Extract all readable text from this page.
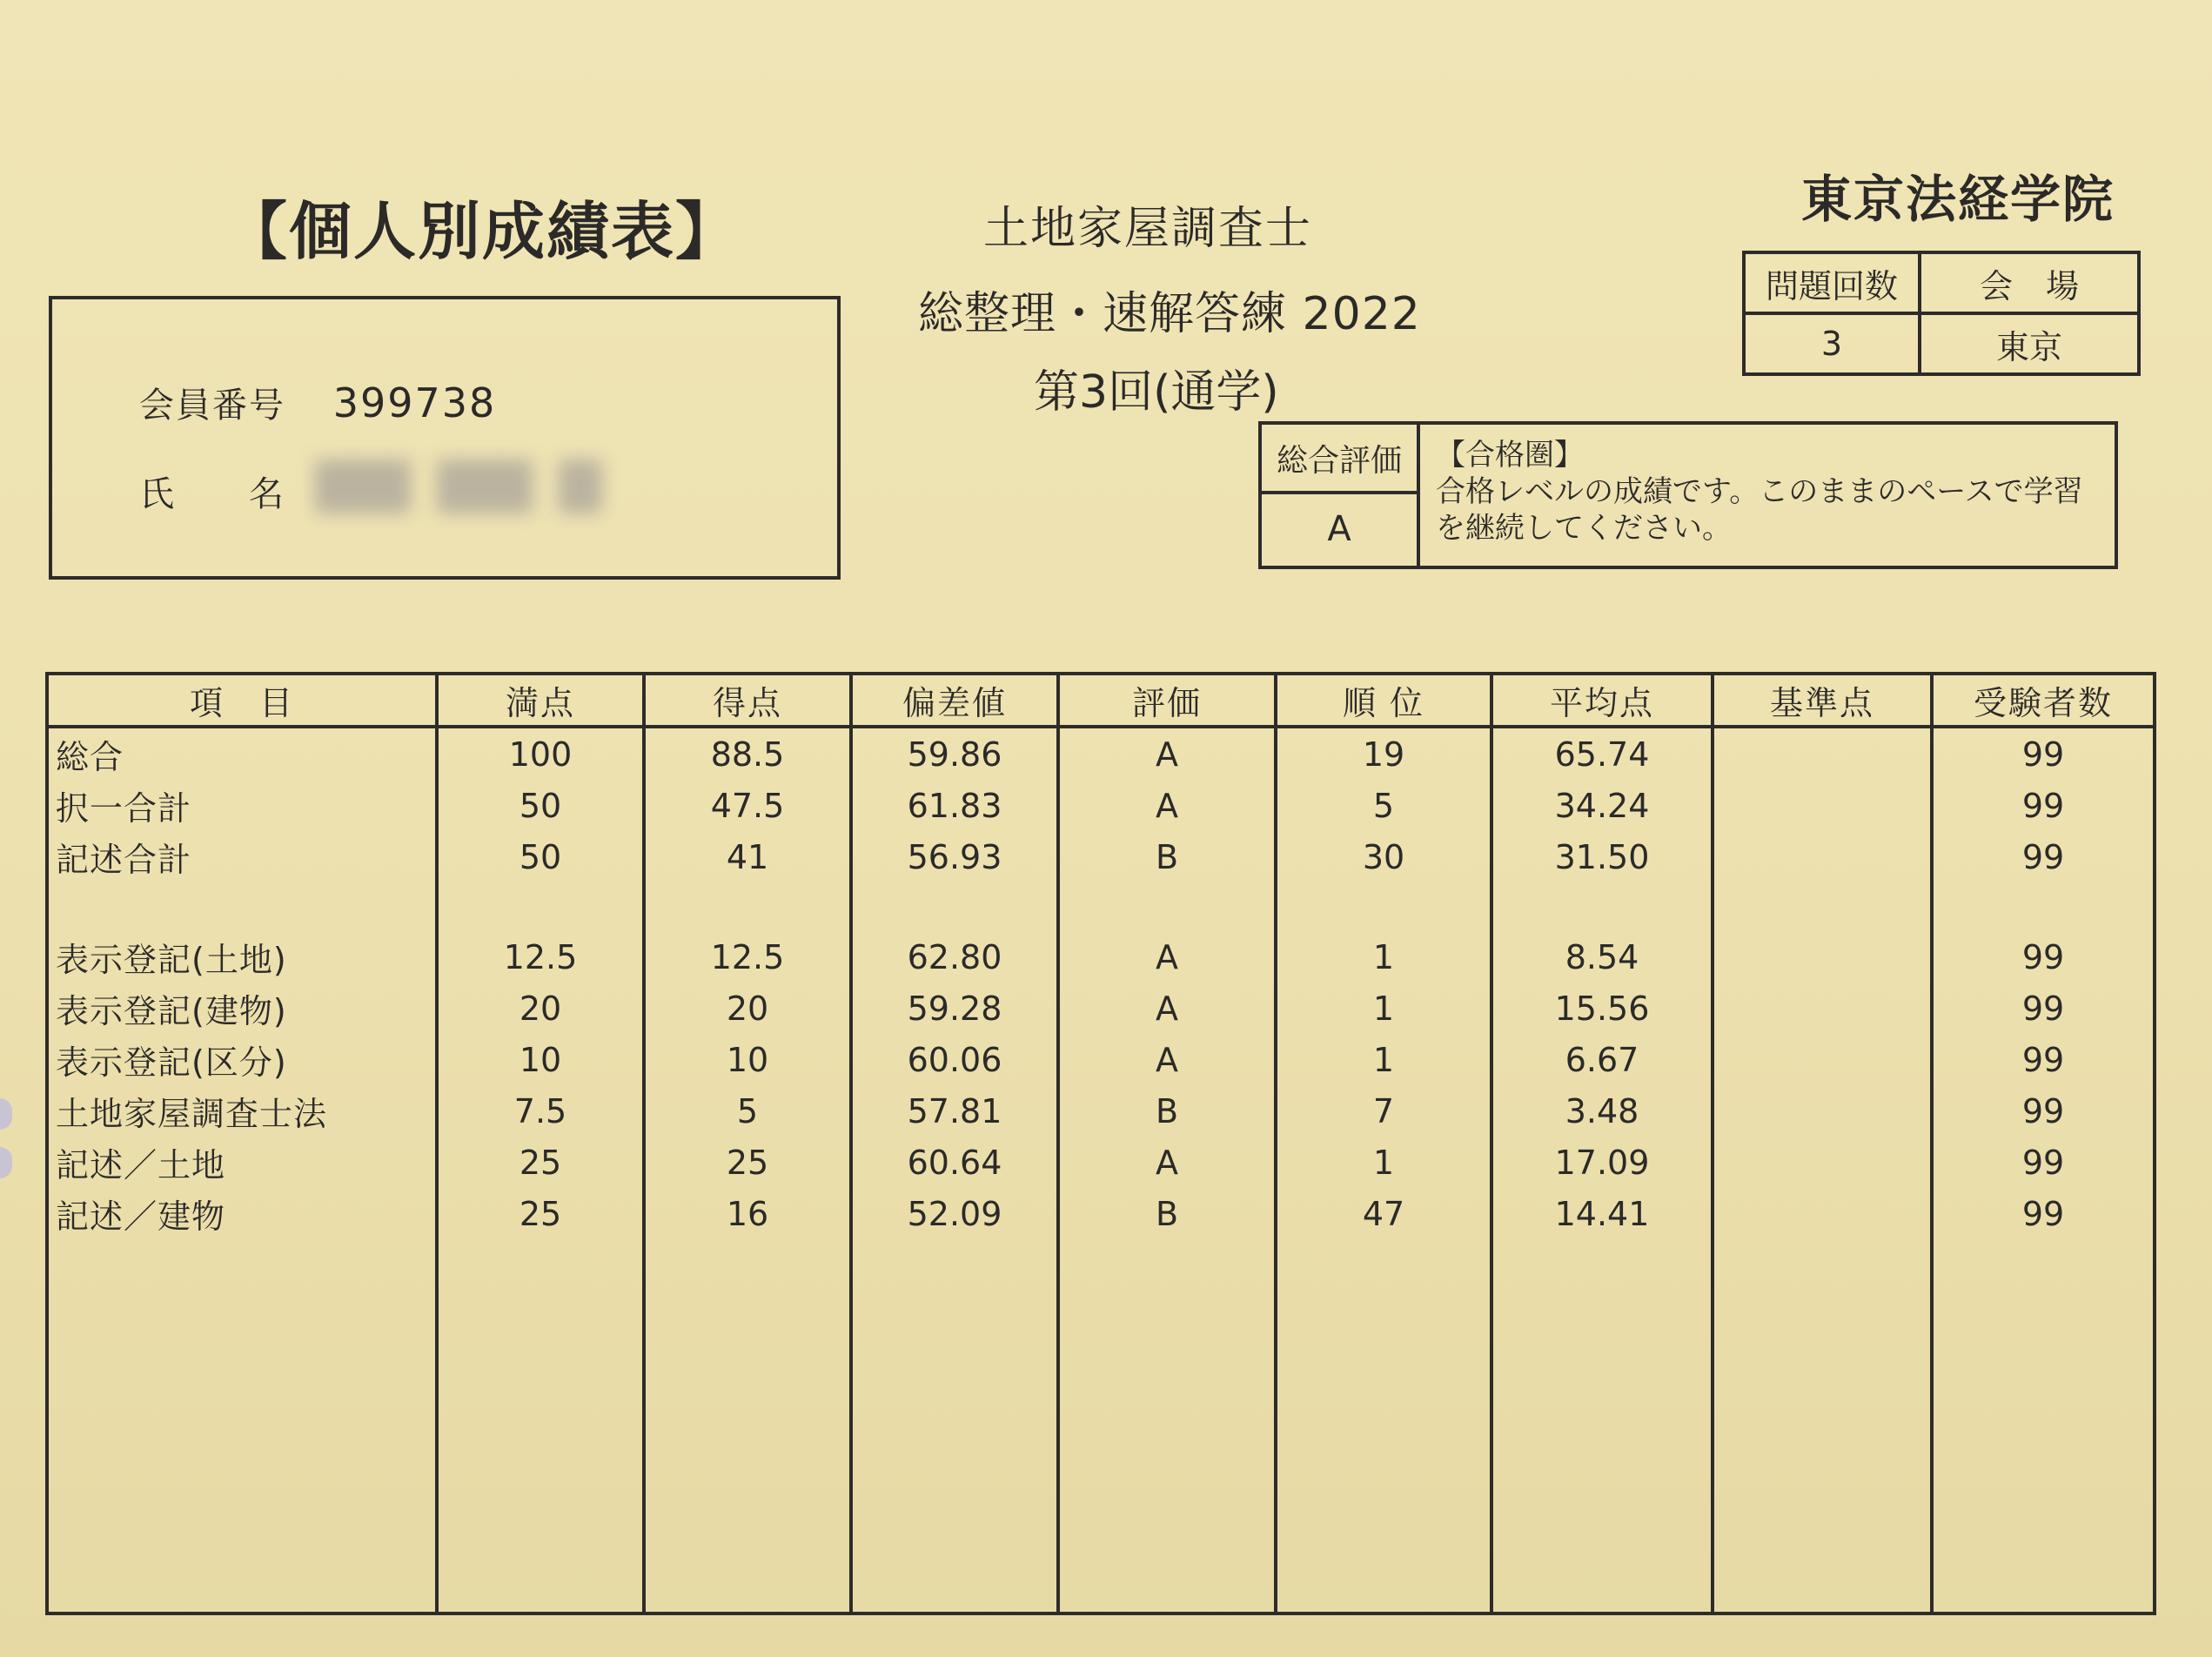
【個人別成績表】	土地家屋調査士
総整理・速解答練 2022
第3回(通学)
東京法経学院
会員番号 399738
氏　　名
問題回数	会　場
3	東京
総合評価
A
【合格圏】
合格レベルの成績です。このままのペースで学習を継続してください。
項　目	満点	得点	偏差値	評価	順 位	平均点	基準点	受験者数
総合	100	88.5	59.86	A	19	65.74		99
択一合計	50	47.5	61.83	A	5	34.24		99
記述合計	50	41	56.93	B	30	31.50		99

表示登記(土地)	12.5	12.5	62.80	A	1	8.54		99
表示登記(建物)	20	20	59.28	A	1	15.56		99
表示登記(区分)	10	10	60.06	A	1	6.67		99
土地家屋調査士法	7.5	5	57.81	B	7	3.48		99
記述／土地	25	25	60.64	A	1	17.09		99
記述／建物	25	16	52.09	B	47	14.41		99
